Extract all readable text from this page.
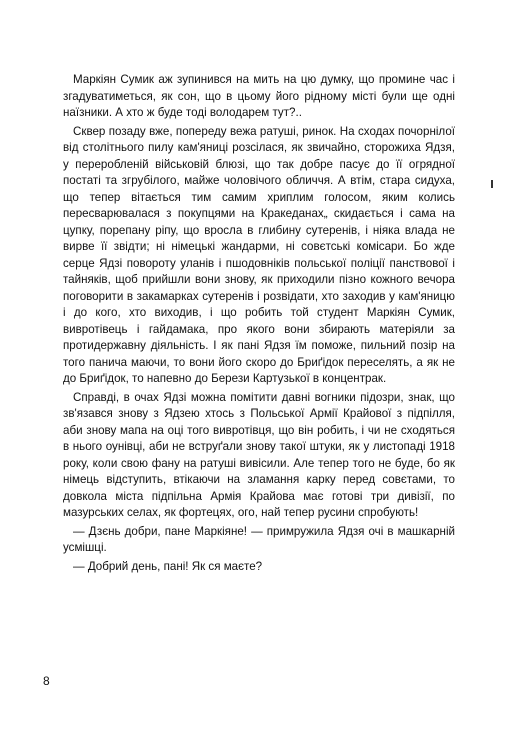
Маркіян Сумик аж зупинився на мить на цю думку, що промине час і згадуватиметься, як сон, що в цьому його рідному місті були ще одні наїзники. А хто ж буде тоді володарем тут?..

Сквер позаду вже, попереду вежа ратуші, ринок. На сходах почорнілої від столітнього пилу кам'яниці розсілася, як звичайно, сторожиха Ядзя, у переробленій військовій блюзі, що так добре пасує до її огрядної постаті та згрубілого, майже чоловічого обличчя. А втім, стара сидуха, що тепер вітається тим самим хриплим голосом, яким колись пересварювалася з покупцями на Кракеданах„ скидається і сама на цупку, порепану ріпу, що вросла в глибину сутеренів, і ніяка влада не вирве її звідти; ні німецькі жандарми, ні совєтські комісари. Бо жде серце Ядзі повороту уланів і пшодовніків польської поліції панствової і тайняків, щоб прийшли вони знову, як приходили пізно кожного вечора поговорити в закамарках сутеренів і розвідати, хто заходив у кам'яницю і до кого, хто виходив, і що робить той студент Маркіян Сумик, вивротівець і гайдамака, про якого вони збирають матеріяли за протидержавну діяльність. І як пані Ядзя їм поможе, пильний позір на того панича маючи, то вони його скоро до Бриґідок переселять, а як не до Бриґідок, то напевно до Берези Картузької в концентрак.

Справді, в очах Ядзі можна помітити давні вогники підозри, знак, що зв'язався знову з Ядзею хтось з Польської Армії Крайової з підпілля, аби знову мапа на оці того вивротівця, що він робить, і чи не сходяться в нього оунівці, аби не вструґали знову такої штуки, як у листопаді 1918 року, коли свою фану на ратуші вивісили. Але тепер того не буде, бо як німець відступить, втікаючи на зламання карку перед совєтами, то довкола міста підпільна Армія Крайова має готові три дивізії, по мазурських селах, як фортецях, ого, най тепер русини спробують!

— Дзєнь добри, пане Маркіяне! — примружила Ядзя очі в машкарній усмішці.

— Добрий день, пані! Як ся маєте?

8
